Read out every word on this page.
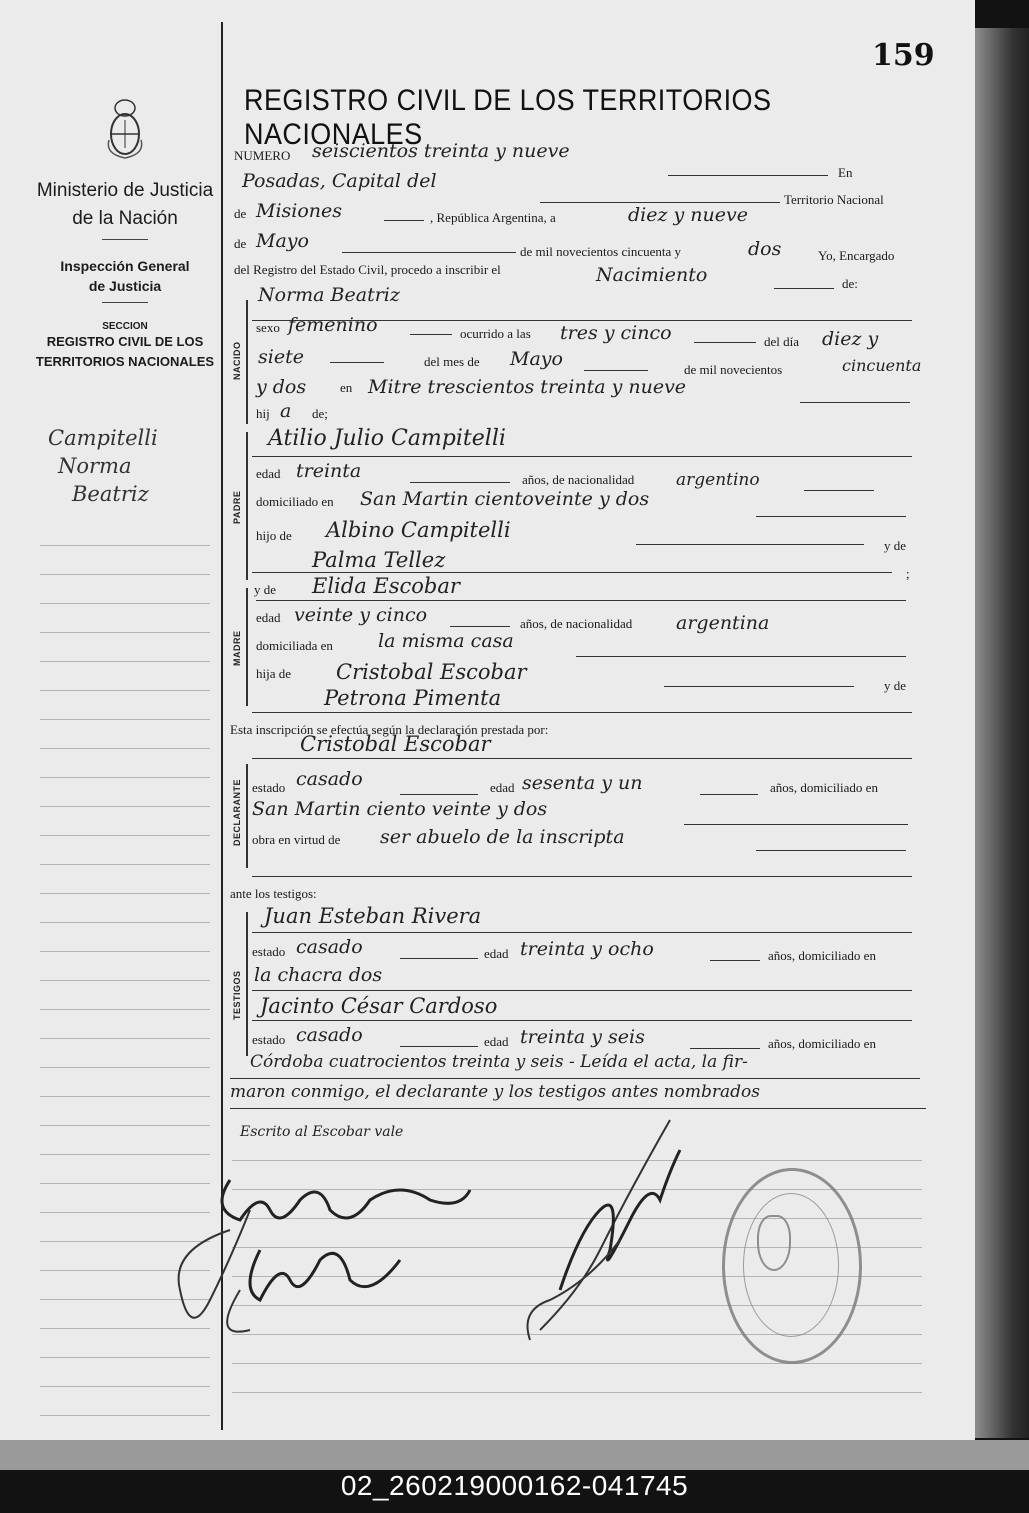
Ministerio de Justicia
de la Nación
Inspección General
de Justicia
SECCION
REGISTRO CIVIL DE LOS
TERRITORIOS NACIONALES
Campitelli
Norma
Beatriz
159
REGISTRO CIVIL DE LOS TERRITORIOS NACIONALES
NUMERO seiscientos treinta y nueve
En
Posadas, Capital del
Territorio Nacional
de Misiones	, República Argentina, a	diez y nueve
de Mayo	de mil novecientos cincuenta y	dos	Yo, Encargado
del Registro del Estado Civil, procedo a inscribir el	Nacimiento	de:
NACIDO
Norma Beatriz
sexo femenino	ocurrido a las tres y cinco	del día diez y
siete	del mes de Mayo	de mil novecientos	cincuenta
y dos	en Mitre trescientos treinta y nueve
hij a de;
PADRE
Atilio Julio Campitelli
edad treinta	años, de nacionalidad argentino
domiciliado en San Martin cientoveinte y dos
hijo de Albino Campitelli
y de
Palma Tellez
;
MADRE
y de Elida Escobar
edad veinte y cinco	años, de nacionalidad argentina
domiciliada en la misma casa
hija de Cristobal Escobar
y de
Petrona Pimenta
Esta inscripción se efectúa según la declaración prestada por:
Cristobal Escobar
DECLARANTE estado casado	edad sesenta y un	años, domiciliado en
San Martin ciento veinte y dos
obra en virtud de ser abuelo de la inscripta
ante los testigos:
TESTIGOS
Juan Esteban Rivera
estado casado	edad treinta y ocho	años, domiciliado en
la chacra dos
Jacinto César Cardoso
estado casado	edad treinta y seis	años, domiciliado en
Córdoba cuatrocientos treinta y seis - Leída el acta, la fir-
maron conmigo, el declarante y los testigos antes nombrados
Escrito al Escobar vale
02_260219000162-041745
